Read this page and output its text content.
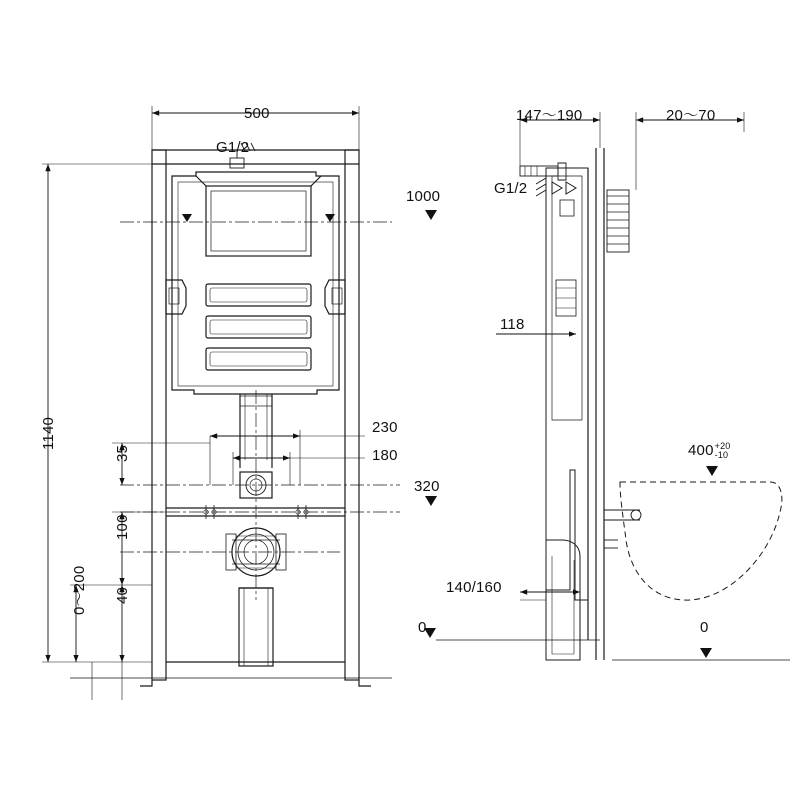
500
1140
0～200 40
100
35
230
180
1000
320
G1/2
0
147～190	20～70
118
140/160
G1/2
400+20
-10
0
